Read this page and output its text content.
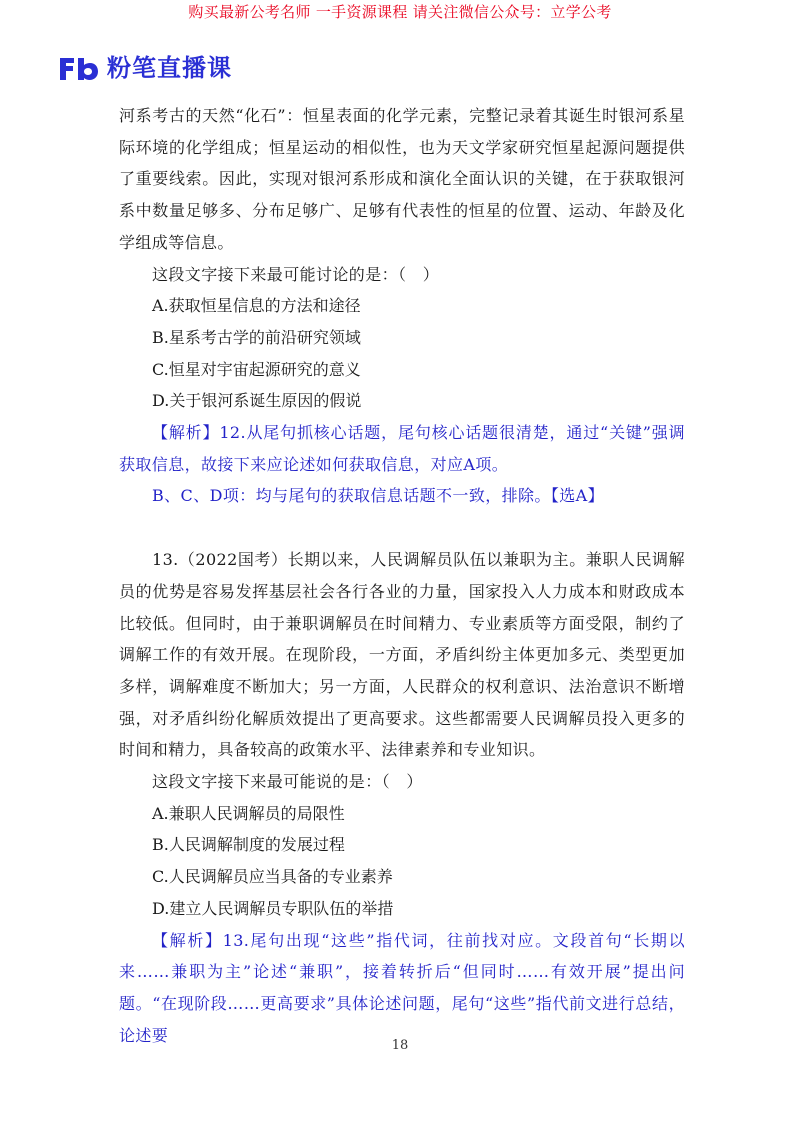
购买最新公考名师 一手资源课程 请关注微信公众号：立学公考
粉笔直播课

河系考古的天然“化石”：恒星表面的化学元素，完整记录着其诞生时银河系星际环境的化学组成；恒星运动的相似性，也为天文学家研究恒星起源问题提供了重要线索。因此，实现对银河系形成和演化全面认识的关键，在于获取银河系中数量足够多、分布足够广、足够有代表性的恒星的位置、运动、年龄及化学组成等信息。

这段文字接下来最可能讨论的是：（　）

A.获取恒星信息的方法和途径

B.星系考古学的前沿研究领域

C.恒星对宇宙起源研究的意义

D.关于银河系诞生原因的假说

【解析】12.从尾句抓核心话题，尾句核心话题很清楚，通过“关键”强调获取信息，故接下来应论述如何获取信息，对应A项。

B、C、D项：均与尾句的获取信息话题不一致，排除。【选A】

13.（2022国考）长期以来，人民调解员队伍以兼职为主。兼职人民调解员的优势是容易发挥基层社会各行各业的力量，国家投入人力成本和财政成本比较低。但同时，由于兼职调解员在时间精力、专业素质等方面受限，制约了调解工作的有效开展。在现阶段，一方面，矛盾纠纷主体更加多元、类型更加多样，调解难度不断加大；另一方面，人民群众的权利意识、法治意识不断增强，对矛盾纠纷化解质效提出了更高要求。这些都需要人民调解员投入更多的时间和精力，具备较高的政策水平、法律素养和专业知识。

这段文字接下来最可能说的是：（　）

A.兼职人民调解员的局限性

B.人民调解制度的发展过程

C.人民调解员应当具备的专业素养

D.建立人民调解员专职队伍的举措

【解析】13.尾句出现“这些”指代词，往前找对应。文段首句“长期以来……兼职为主”论述“兼职”，接着转折后“但同时……有效开展”提出问题。“在现阶段……更高要求”具体论述问题，尾句“这些”指代前文进行总结，论述要

18
